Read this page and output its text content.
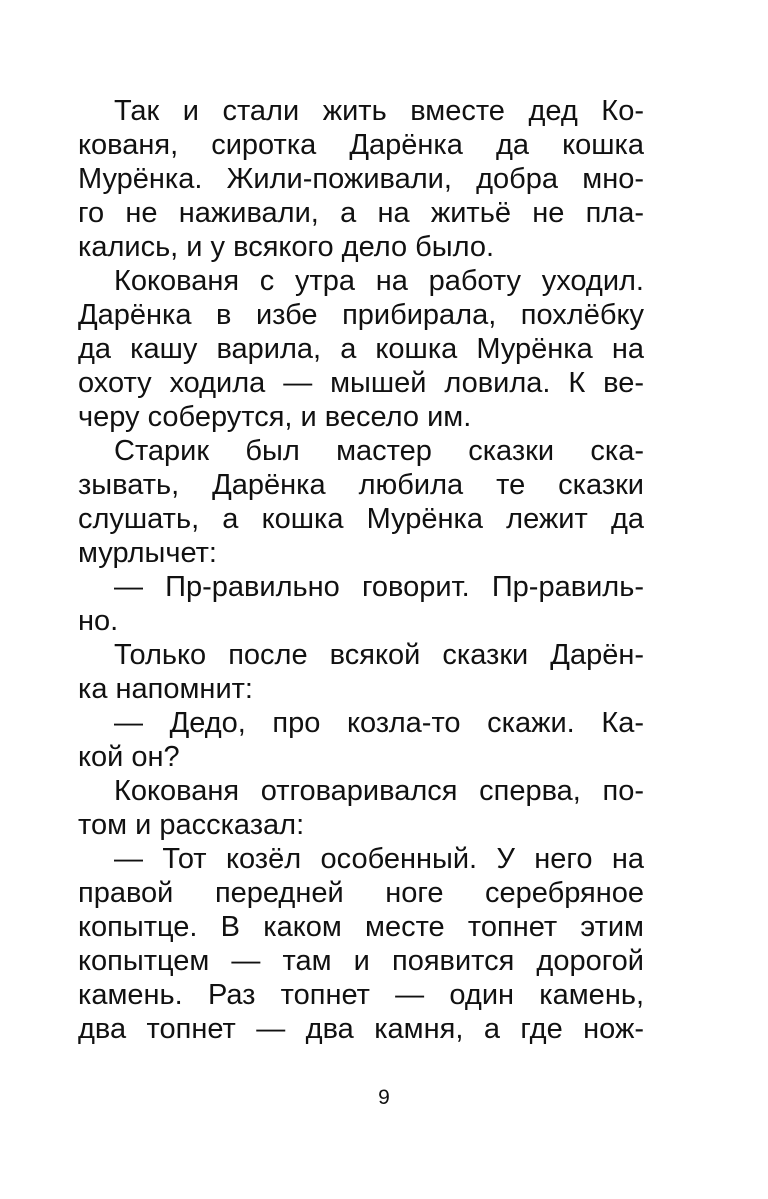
Так и стали жить вместе дед Ко-
кованя, сиротка Дарёнка да кошка
Мурёнка. Жили-поживали, добра мно-
го не наживали, а на житьё не пла-
кались, и у всякого дело было.
Кокованя с утра на работу уходил.
Дарёнка в избе прибирала, похлёбку
да кашу варила, а кошка Мурёнка на
охоту ходила — мышей ловила. К ве-
черу соберутся, и весело им.
Старик был мастер сказки ска-
зывать, Дарёнка любила те сказки
слушать, а кошка Мурёнка лежит да
мурлычет:
— Пр-равильно говорит. Пр-равиль-
но.
Только после всякой сказки Дарён-
ка напомнит:
— Дедо, про козла-то скажи. Ка-
кой он?
Кокованя отговаривался сперва, по-
том и рассказал:
— Тот козёл особенный. У него на
правой передней ноге серебряное
копытце. В каком месте топнет этим
копытцем — там и появится дорогой
камень. Раз топнет — один камень,
два топнет — два камня, а где нож-
9
